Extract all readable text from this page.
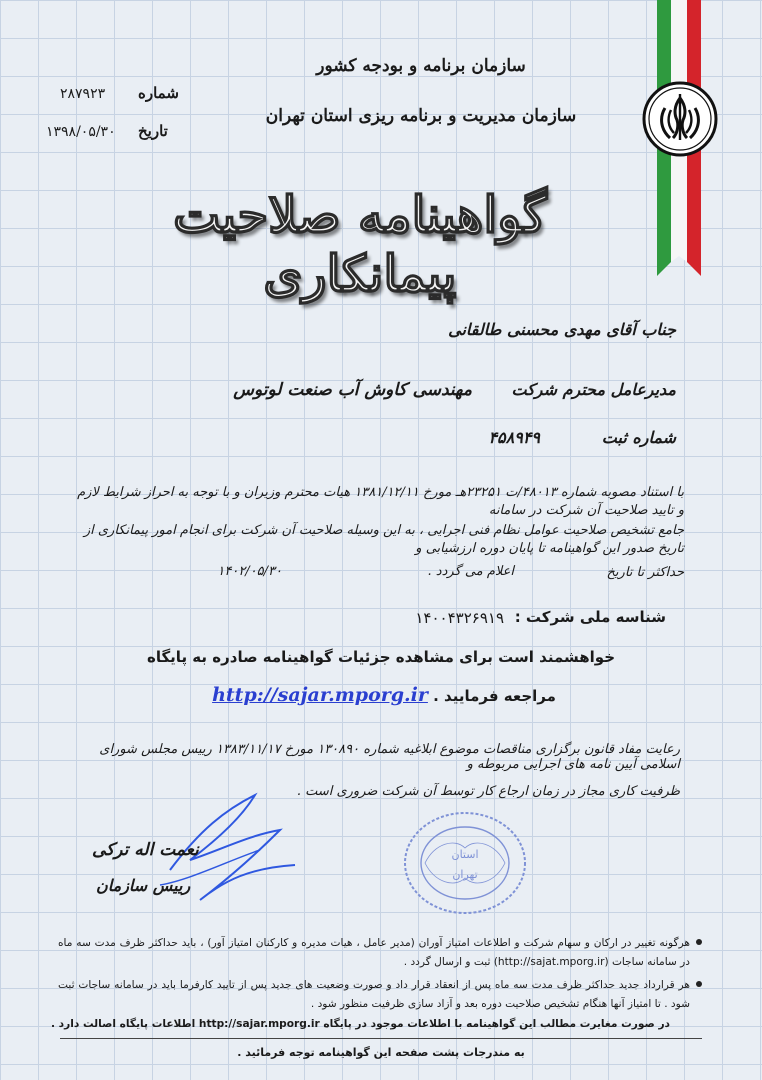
سازمان برنامه و بودجه کشور
سازمان مدیریت و برنامه ریزی استان تهران
شماره
۲۸۷۹۲۳
تاریخ
۱۳۹۸/۰۵/۳۰
گواهینامه صلاحیت پیمانکاری
جناب آقای مهدی محسنی طالقانی
مدیرعامل محترم شرکت
مهندسی کاوش آب صنعت لوتوس
شماره ثبت
۴۵۸۹۴۹
با استناد مصوبه شماره ۴۸۰۱۳/ت ۲۳۲۵۱هـ مورخ ۱۳۸۱/۱۲/۱۱ هیات محترم وزیران و با توجه به احراز شرایط لازم و تایید صلاحیت آن شرکت در سامانه
جامع تشخیص صلاحیت عوامل نظام فنی اجرایی ، به این وسیله صلاحیت آن شرکت برای انجام امور پیمانکاری از تاریخ صدور این گواهینامه تا پایان دوره ارزشیابی و
حداکثر تا تاریخ
۱۴۰۲/۰۵/۳۰	اعلام می گردد .
شناسه ملی شرکت :
۱۴۰۰۴۳۲۶۹۱۹
خواهشمند است برای مشاهده جزئیات گواهینامه صادره به پایگاه
مراجعه فرمایید . http://sajar.mporg.ir
رعایت مفاد قانون برگزاری مناقصات موضوع ابلاغیه شماره ۱۳۰۸۹۰ مورخ ۱۳۸۳/۱۱/۱۷ رییس مجلس شورای اسلامی آیین نامه های اجرایی مربوطه و
ظرفیت کاری مجاز در زمان ارجاع کار توسط آن شرکت ضروری است .
نعمت اله ترکی
رییس سازمان
استان
تهران
هرگونه تغییر در ارکان و سهام شرکت و اطلاعات امتیاز آوران (مدیر عامل ، هیات مدیره و کارکنان امتیاز آور) ، باید حداکثر ظرف مدت سه ماه در سامانه ساجات (http://sajat.mporg.ir) ثبت و ارسال گردد .
هر قرارداد جدید حداکثر ظرف مدت سه ماه پس از انعقاد قرار داد و صورت وضعیت های جدید پس از تایید کارفرما باید در سامانه ساجات ثبت شود . تا امتیاز آنها هنگام تشخیص صلاحیت دوره بعد و آزاد سازی ظرفیت منظور شود .
در صورت مغایرت مطالب این گواهینامه با اطلاعات موجود در پایگاه http://sajar.mporg.ir اطلاعات پایگاه اصالت دارد .
به مندرجات پشت صفحه این گواهینامه توجه فرمائید .
